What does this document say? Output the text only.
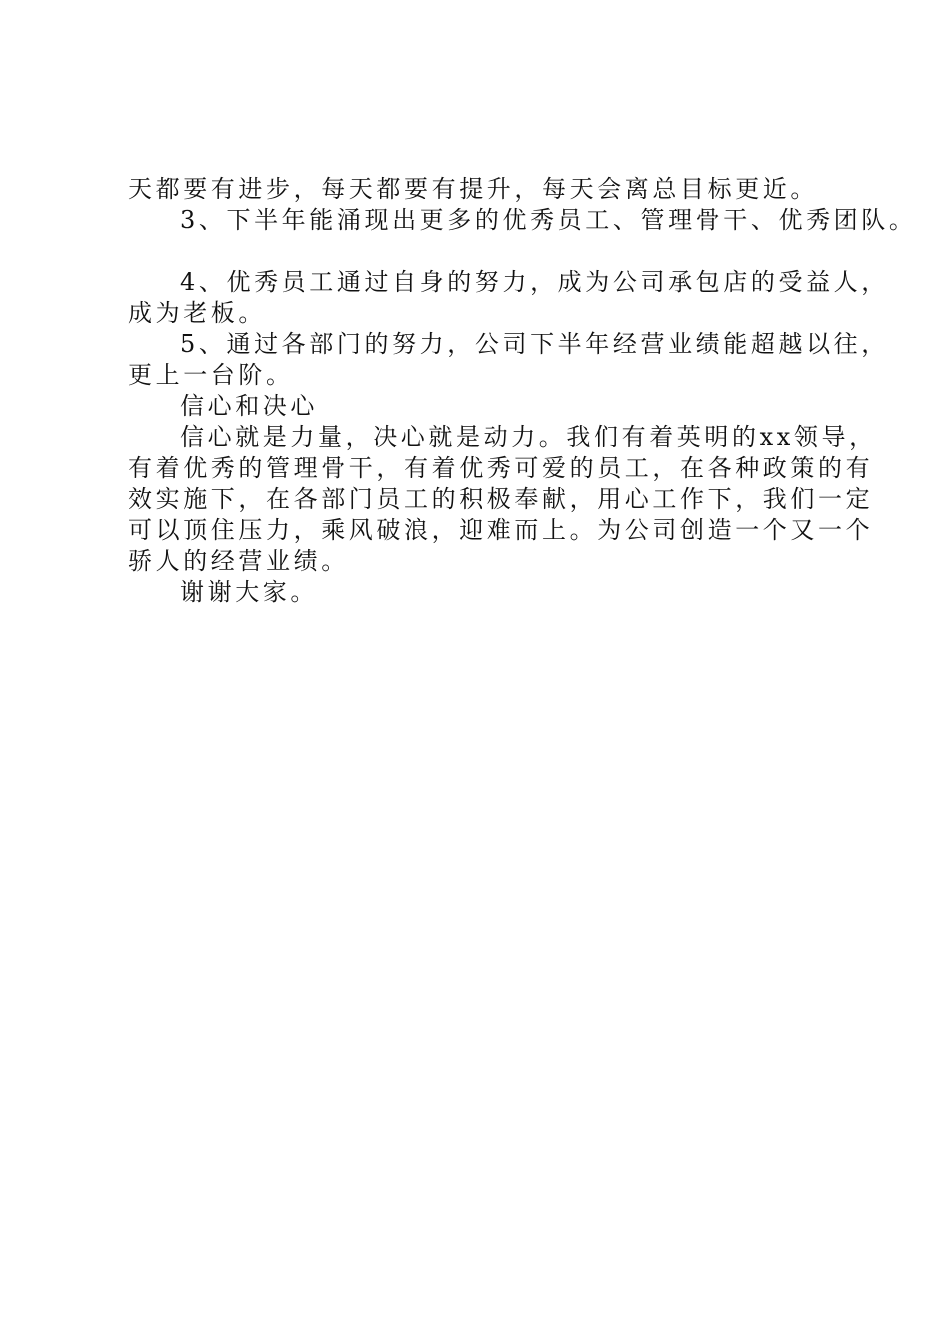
天都要有进步，每天都要有提升，每天会离总目标更近。
3、下半年能涌现出更多的优秀员工、管理骨干、优秀团队。
4、优秀员工通过自身的努力，成为公司承包店的受益人，
成为老板。
5、通过各部门的努力，公司下半年经营业绩能超越以往，
更上一台阶。
信心和决心
信心就是力量，决心就是动力。我们有着英明的xx领导，
有着优秀的管理骨干，有着优秀可爱的员工，在各种政策的有
效实施下，在各部门员工的积极奉献，用心工作下，我们一定
可以顶住压力，乘风破浪，迎难而上。为公司创造一个又一个
骄人的经营业绩。
谢谢大家。
